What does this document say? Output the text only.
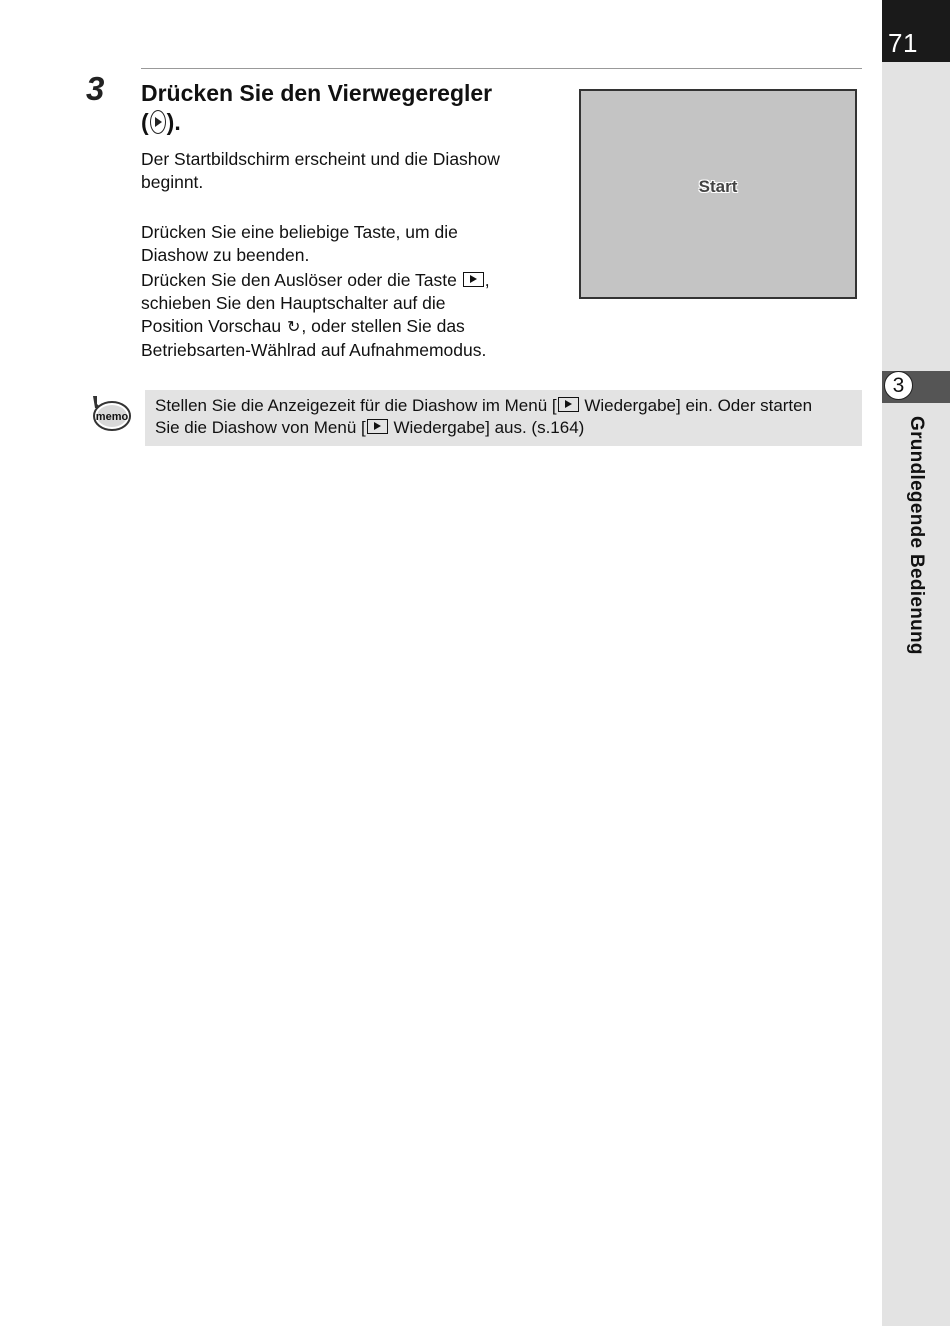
71
3
Grundlegende Bedienung
3 Drücken Sie den Vierwegeregler
( ).
Der Startbildschirm erscheint und die Diashow
beginnt.
Drücken Sie eine beliebige Taste, um die
Diashow zu beenden.
Drücken Sie den Auslöser oder die Taste ,
schieben Sie den Hauptschalter auf die
Position Vorschau ↻, oder stellen Sie das
Betriebsarten-Wählrad auf Aufnahmemodus.
Start
memo
Stellen Sie die Anzeigezeit für die Diashow im Menü [ Wiedergabe] ein. Oder starten
Sie die Diashow von Menü [ Wiedergabe] aus. (s.164)
